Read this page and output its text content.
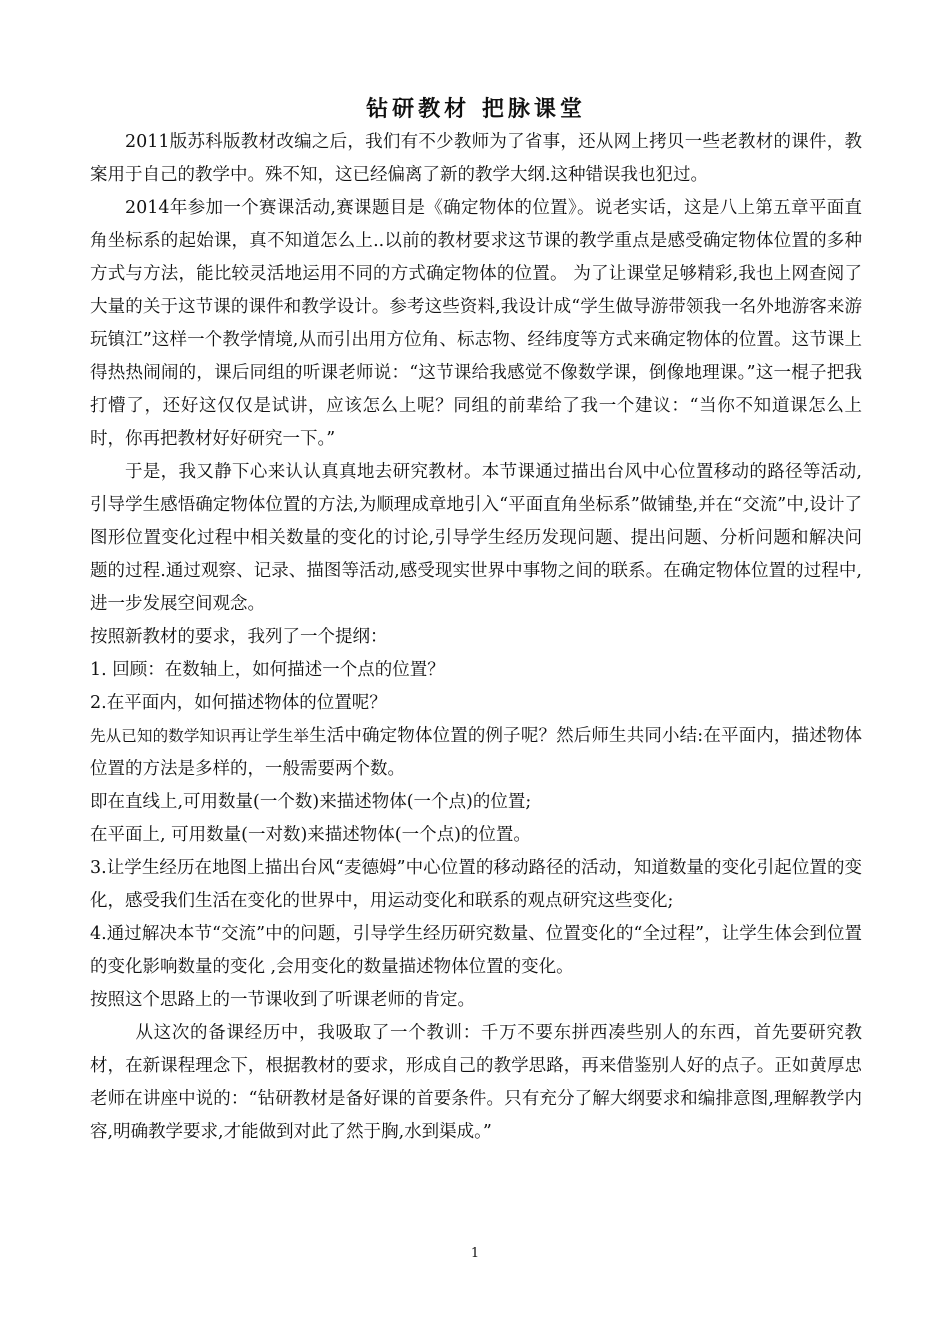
钻研教材 把脉课堂

2011版苏科版教材改编之后，我们有不少教师为了省事，还从网上拷贝一些老教材的课件，教案用于自己的教学中。殊不知，这已经偏离了新的教学大纲.这种错误我也犯过。

2014年参加一个赛课活动,赛课题目是《确定物体的位置》。说老实话，这是八上第五章平面直角坐标系的起始课，真不知道怎么上..以前的教材要求这节课的教学重点是感受确定物体位置的多种方式与方法，能比较灵活地运用不同的方式确定物体的位置。 为了让课堂足够精彩,我也上网查阅了大量的关于这节课的课件和教学设计。参考这些资料,我设计成“学生做导游带领我一名外地游客来游玩镇江”这样一个教学情境,从而引出用方位角、标志物、经纬度等方式来确定物体的位置。这节课上得热热闹闹的，课后同组的听课老师说：“这节课给我感觉不像数学课，倒像地理课。”这一棍子把我打懵了，还好这仅仅是试讲，应该怎么上呢？同组的前辈给了我一个建议：“当你不知道课怎么上时，你再把教材好好研究一下。”

于是，我又静下心来认认真真地去研究教材。本节课通过描出台风中心位置移动的路径等活动,引导学生感悟确定物体位置的方法,为顺理成章地引入“平面直角坐标系”做铺垫,并在“交流”中,设计了图形位置变化过程中相关数量的变化的讨论,引导学生经历发现问题、提出问题、分析问题和解决问题的过程.通过观察、记录、描图等活动,感受现实世界中事物之间的联系。在确定物体位置的过程中,进一步发展空间观念。

按照新教材的要求，我列了一个提纲：

1. 回顾：在数轴上，如何描述一个点的位置？

2.在平面内，如何描述物体的位置呢？

先从已知的数学知识再让学生举生活中确定物体位置的例子呢？然后师生共同小结:在平面内，描述物体位置的方法是多样的，一般需要两个数。

即在直线上,可用数量(一个数)来描述物体(一个点)的位置;

在平面上, 可用数量(一对数)来描述物体(一个点)的位置。

3.让学生经历在地图上描出台风“麦德姆”中心位置的移动路径的活动，知道数量的变化引起位置的变化，感受我们生活在变化的世界中，用运动变化和联系的观点研究这些变化;

4.通过解决本节“交流”中的问题，引导学生经历研究数量、位置变化的“全过程”，让学生体会到位置的变化影响数量的变化 ,会用变化的数量描述物体位置的变化。

按照这个思路上的一节课收到了听课老师的肯定。

从这次的备课经历中，我吸取了一个教训：千万不要东拼西凑些别人的东西，首先要研究教材，在新课程理念下，根据教材的要求，形成自己的教学思路，再来借鉴别人好的点子。正如黄厚忠老师在讲座中说的：“钻研教材是备好课的首要条件。只有充分了解大纲要求和编排意图,理解教学内容,明确教学要求,才能做到对此了然于胸,水到渠成。”

1
